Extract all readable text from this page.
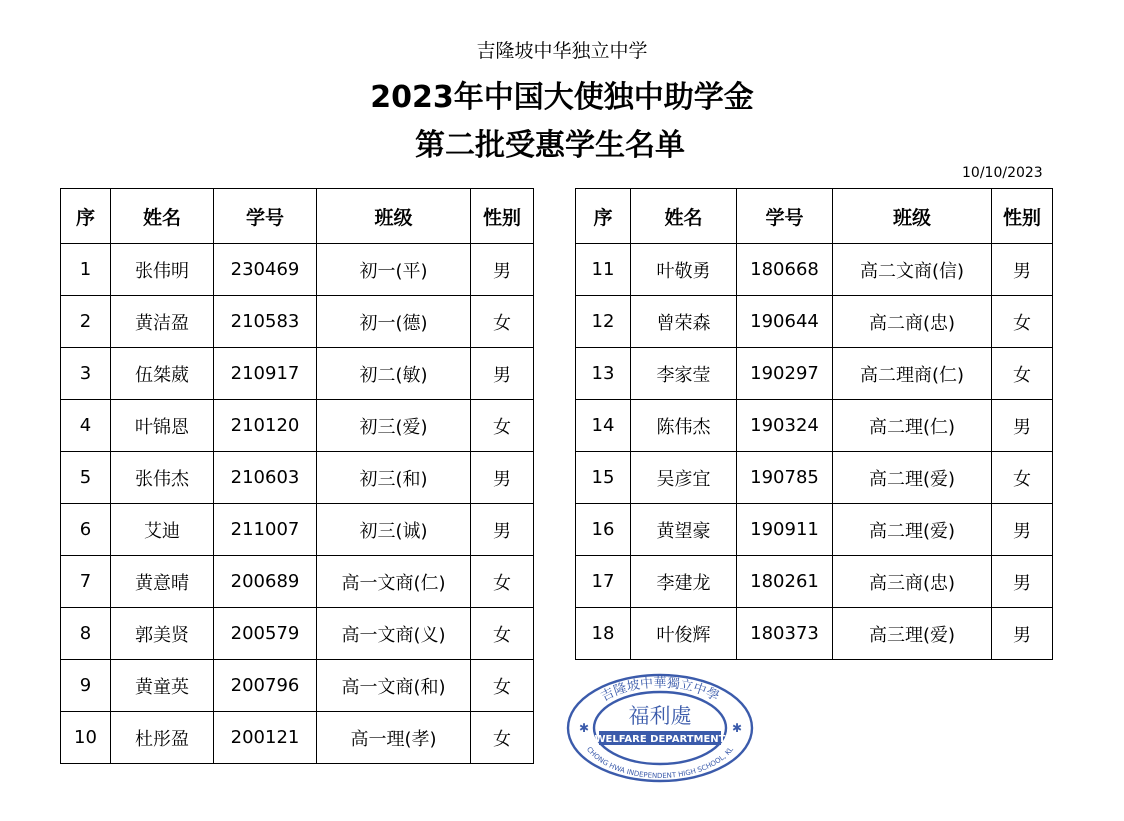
吉隆坡中华独立中学
2023年中国大使独中助学金
第二批受惠学生名单
10/10/2023
序	姓名	学号	班级	性别
1	张伟明	230469	初一(平)	男
2	黄洁盈	210583	初一(德)	女
3	伍桀葳	210917	初二(敏)	男
4	叶锦恩	210120	初三(爱)	女
5	张伟杰	210603	初三(和)	男
6	艾迪	211007	初三(诚)	男
7	黄意晴	200689	高一文商(仁)	女
8	郭美贤	200579	高一文商(义)	女
9	黄童英	200796	高一文商(和)	女
10	杜彤盈	200121	高一理(孝)	女
序	姓名	学号	班级	性别
11	叶敬勇	180668	高二文商(信)	男
12	曾荣森	190644	高二商(忠)	女
13	李家莹	190297	高二理商(仁)	女
14	陈伟杰	190324	高二理(仁)	男
15	吴彦宜	190785	高二理(爱)	女
16	黄望豪	190911	高二理(爱)	男
17	李建龙	180261	高三商(忠)	男
18	叶俊辉	180373	高三理(爱)	男
吉隆坡中華獨立中學
福利處
WELFARE DEPARTMENT
CHONG HWA INDEPENDENT HIGH SCHOOL, KL
✱	✱
